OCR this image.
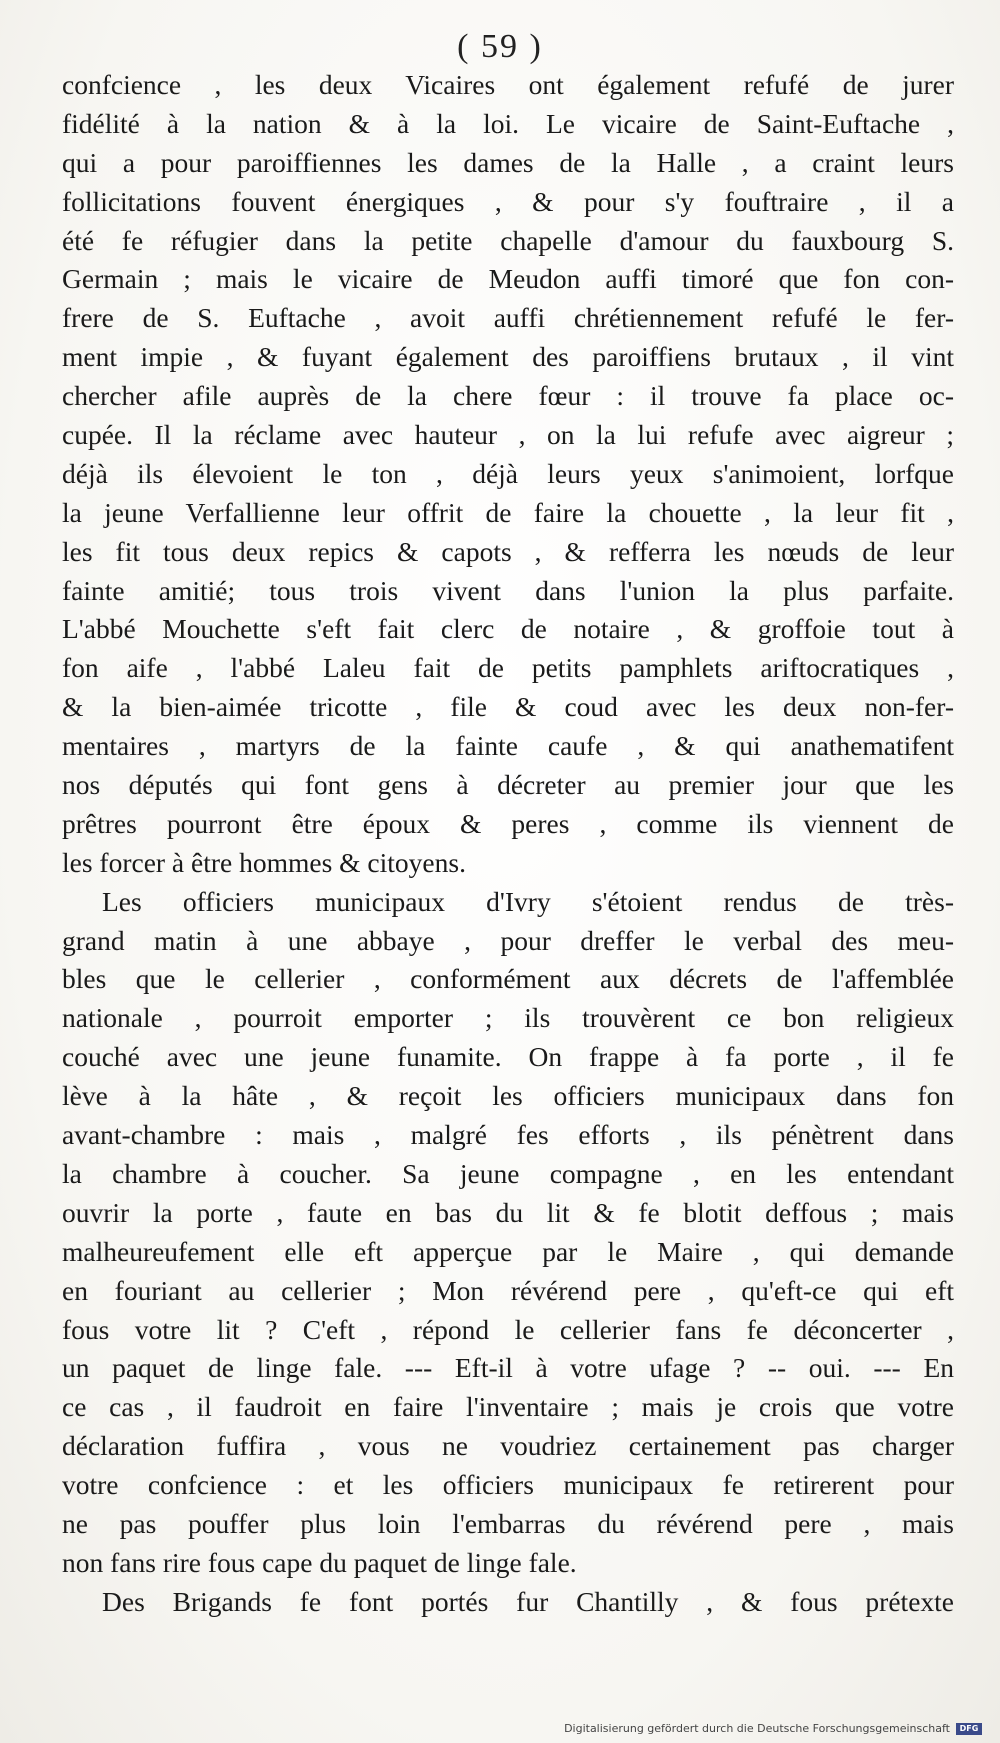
( 59 )
confcience , les deux Vicaires ont également refufé de jurer
fidélité à la nation & à la loi. Le vicaire de Saint-Euftache ,
qui a pour paroiffiennes les dames de la Halle , a craint leurs
follicitations fouvent énergiques , & pour s'y fouftraire , il a
été fe réfugier dans la petite chapelle d'amour du fauxbourg S.
Germain ; mais le vicaire de Meudon auffi timoré que fon con-
frere de S. Euftache , avoit auffi chrétiennement refufé le fer-
ment impie , & fuyant également des paroiffiens brutaux , il vint
chercher afile auprès de la chere fœur : il trouve fa place oc-
cupée. Il la réclame avec hauteur , on la lui refufe avec aigreur ;
déjà ils élevoient le ton , déjà leurs yeux s'animoient, lorfque
la jeune Verfallienne leur offrit de faire la chouette , la leur fit ,
les fit tous deux repics & capots , & refferra les nœuds de leur
fainte amitié; tous trois vivent dans l'union la plus parfaite.
L'abbé Mouchette s'eft fait clerc de notaire , & groffoie tout à
fon aife , l'abbé Laleu fait de petits pamphlets ariftocratiques ,
& la bien-aimée tricotte , file & coud avec les deux non-fer-
mentaires , martyrs de la fainte caufe , & qui anathematifent
nos députés qui font gens à décreter au premier jour que les
prêtres pourront être époux & peres , comme ils viennent de
les forcer à être hommes & citoyens.
Les officiers municipaux d'Ivry s'étoient rendus de très-
grand matin à une abbaye , pour dreffer le verbal des meu-
bles que le cellerier , conformément aux décrets de l'affemblée
nationale , pourroit emporter ; ils trouvèrent ce bon religieux
couché avec une jeune funamite. On frappe à fa porte , il fe
lève à la hâte , & reçoit les officiers municipaux dans fon
avant-chambre : mais , malgré fes efforts , ils pénètrent dans
la chambre à coucher. Sa jeune compagne , en les entendant
ouvrir la porte , faute en bas du lit & fe blotit deffous ; mais
malheureufement elle eft apperçue par le Maire , qui demande
en fouriant au cellerier ; Mon révérend pere , qu'eft-ce qui eft
fous votre lit ? C'eft , répond le cellerier fans fe déconcerter ,
un paquet de linge fale. --- Eft-il à votre ufage ? -- oui. --- En
ce cas , il faudroit en faire l'inventaire ; mais je crois que votre
déclaration fuffira , vous ne voudriez certainement pas charger
votre confcience : et les officiers municipaux fe retirerent pour
ne pas pouffer plus loin l'embarras du révérend pere , mais
non fans rire fous cape du paquet de linge fale.
Des Brigands fe font portés fur Chantilly , & fous prétexte
Digitalisierung gefördert durch die Deutsche Forschungsgemeinschaft	DFG
